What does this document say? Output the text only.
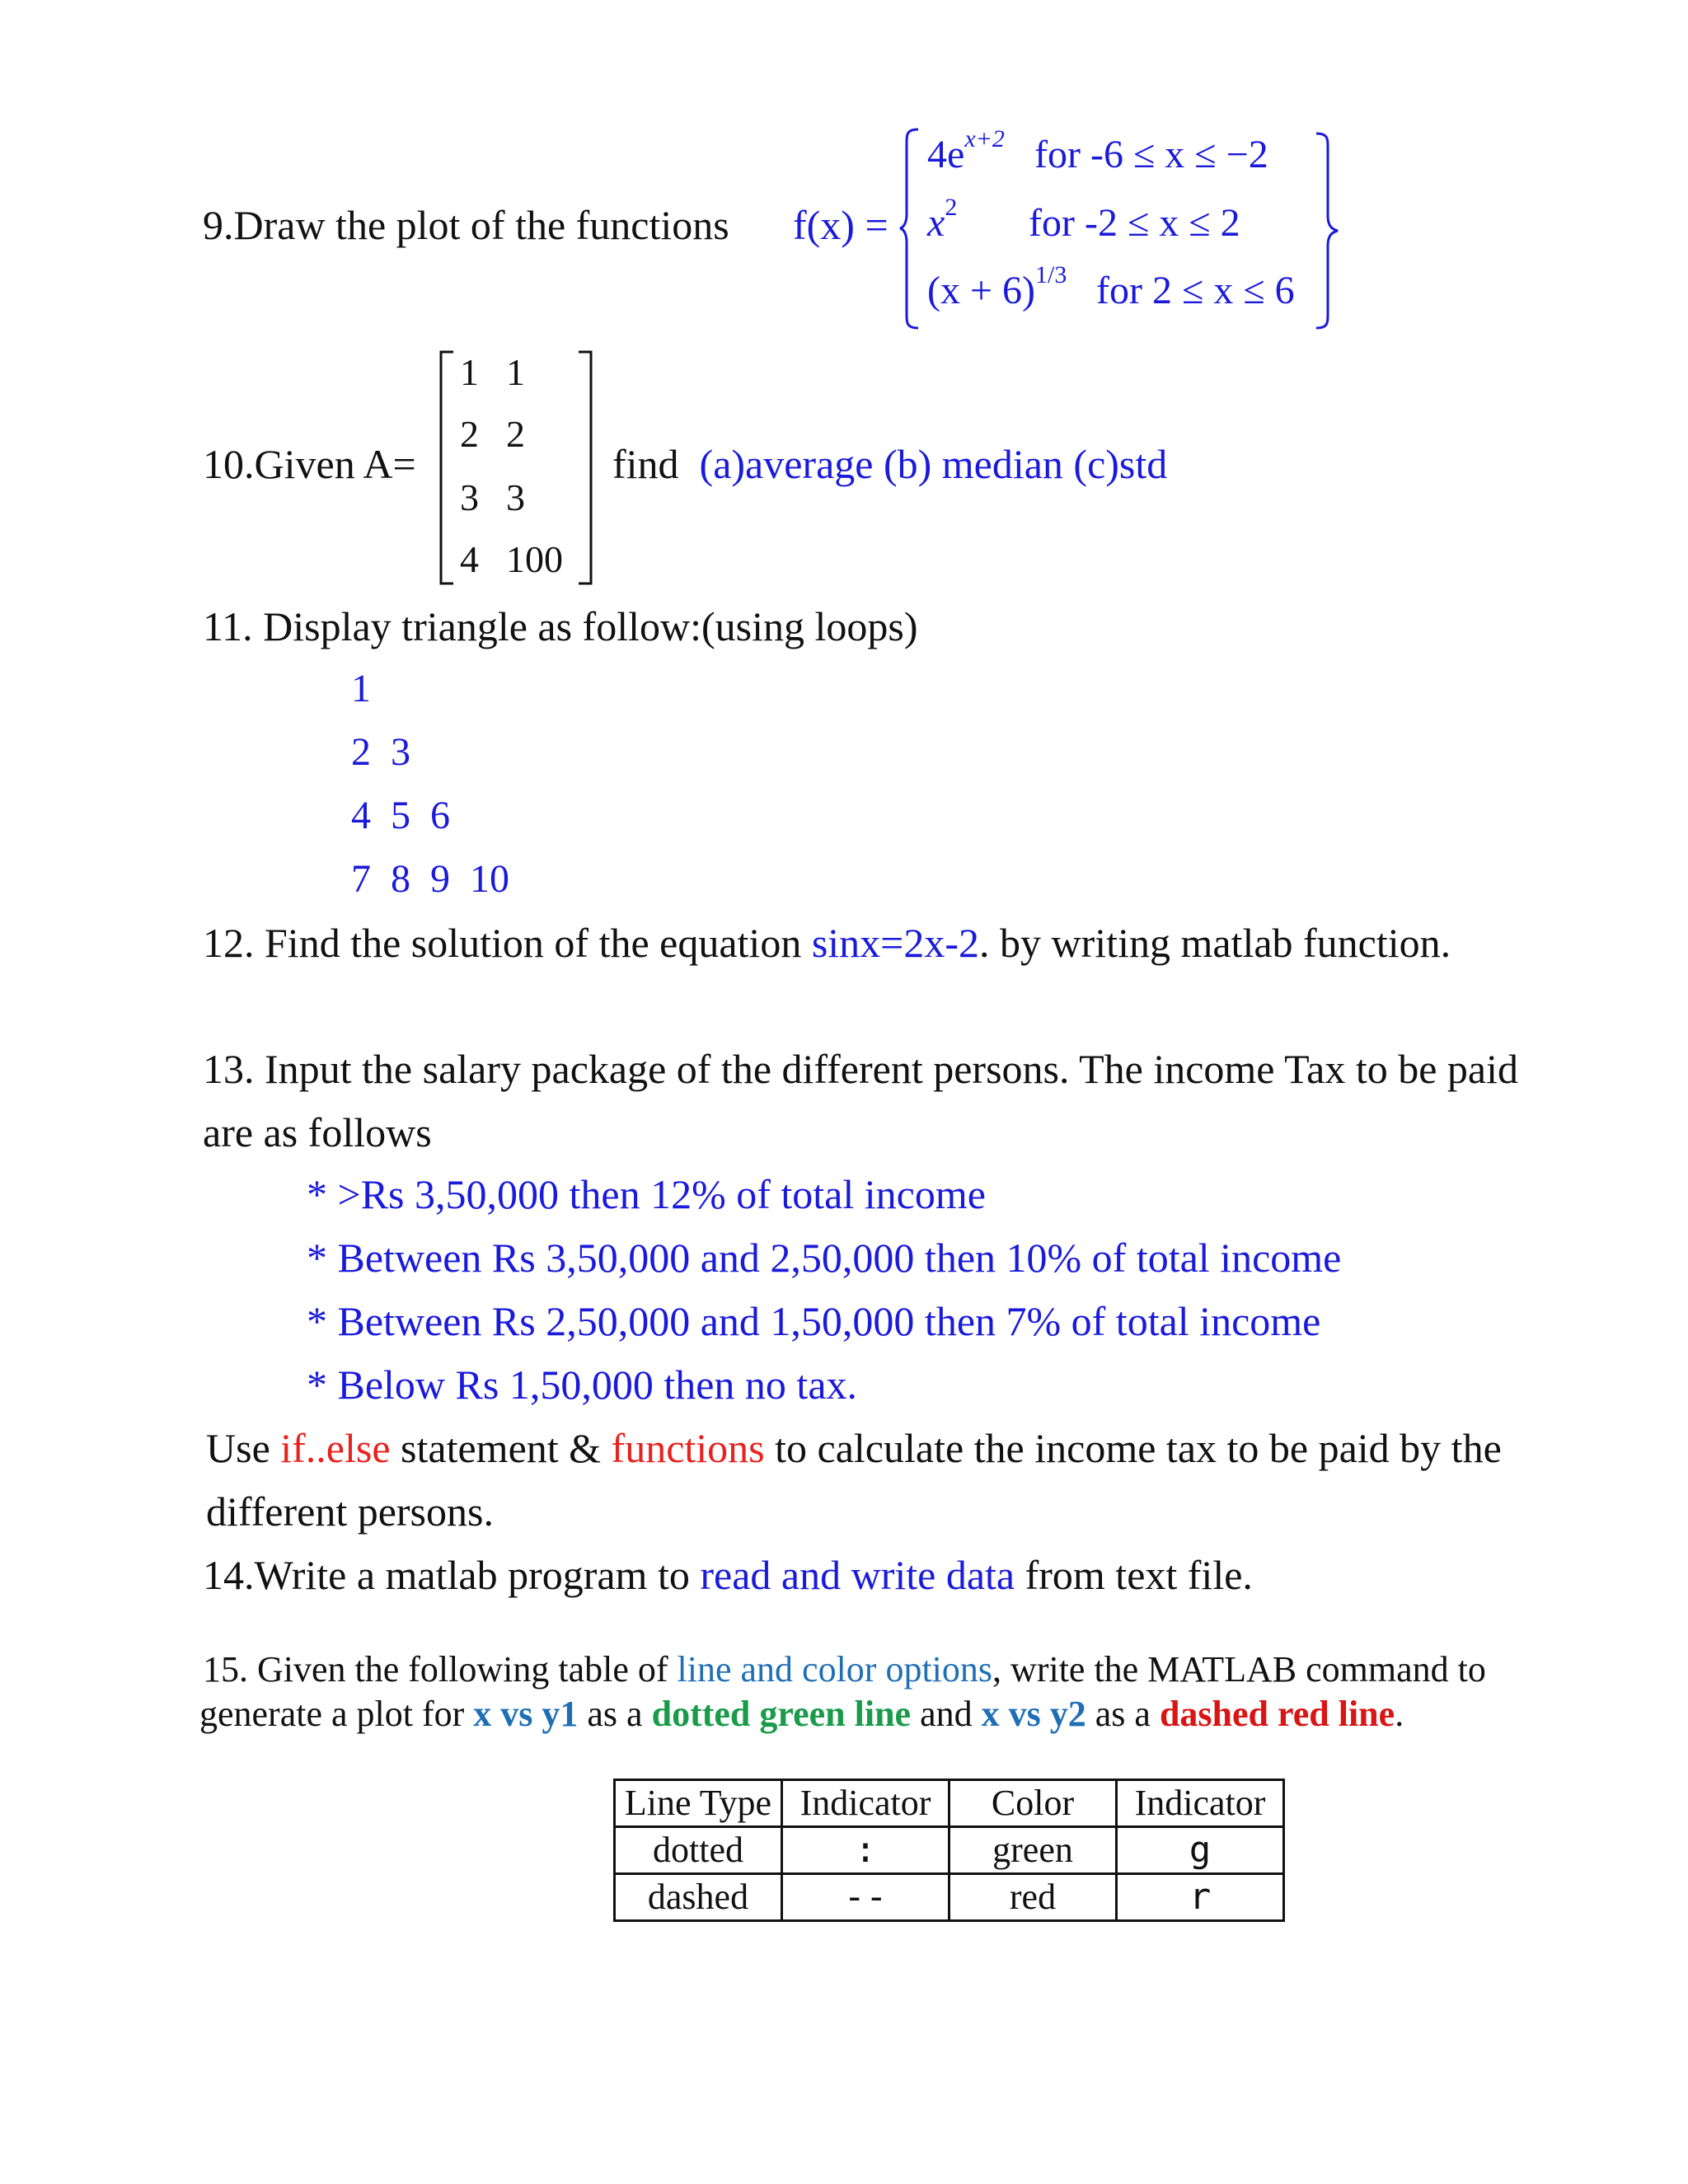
9.Draw the plot of the functions f(x) =
$4e^{x+2}$ for -6 ≤ x ≤ −2
$x^2$ for -2 ≤ x ≤ 2
$(x + 6)^{1/3}$ for 2 ≤ x ≤ 6
10.Given A=
1 1
2 2
3 3
4 100
find (a)average (b) median (c)std
11. Display triangle as follow:(using loops)
1
2 3
4 5 6
7 8 9 10
12. Find the solution of the equation sinx=2x-2. by writing matlab function.
13. Input the salary package of the different persons. The income Tax to be paid
are as follows
* >Rs 3,50,000 then 12% of total income
* Between Rs 3,50,000 and 2,50,000 then 10% of total income
* Between Rs 2,50,000 and 1,50,000 then 7% of total income
* Below Rs 1,50,000 then no tax.
Use if..else statement & functions to calculate the income tax to be paid by the
different persons.
14.Write a matlab program to read and write data from text file.
15. Given the following table of line and color options, write the MATLAB command to
generate a plot for x vs y1 as a dotted green line and x vs y2 as a dashed red line.
Line Type	Indicator	Color	Indicator
dotted	:	green	g
dashed	--	red	r
